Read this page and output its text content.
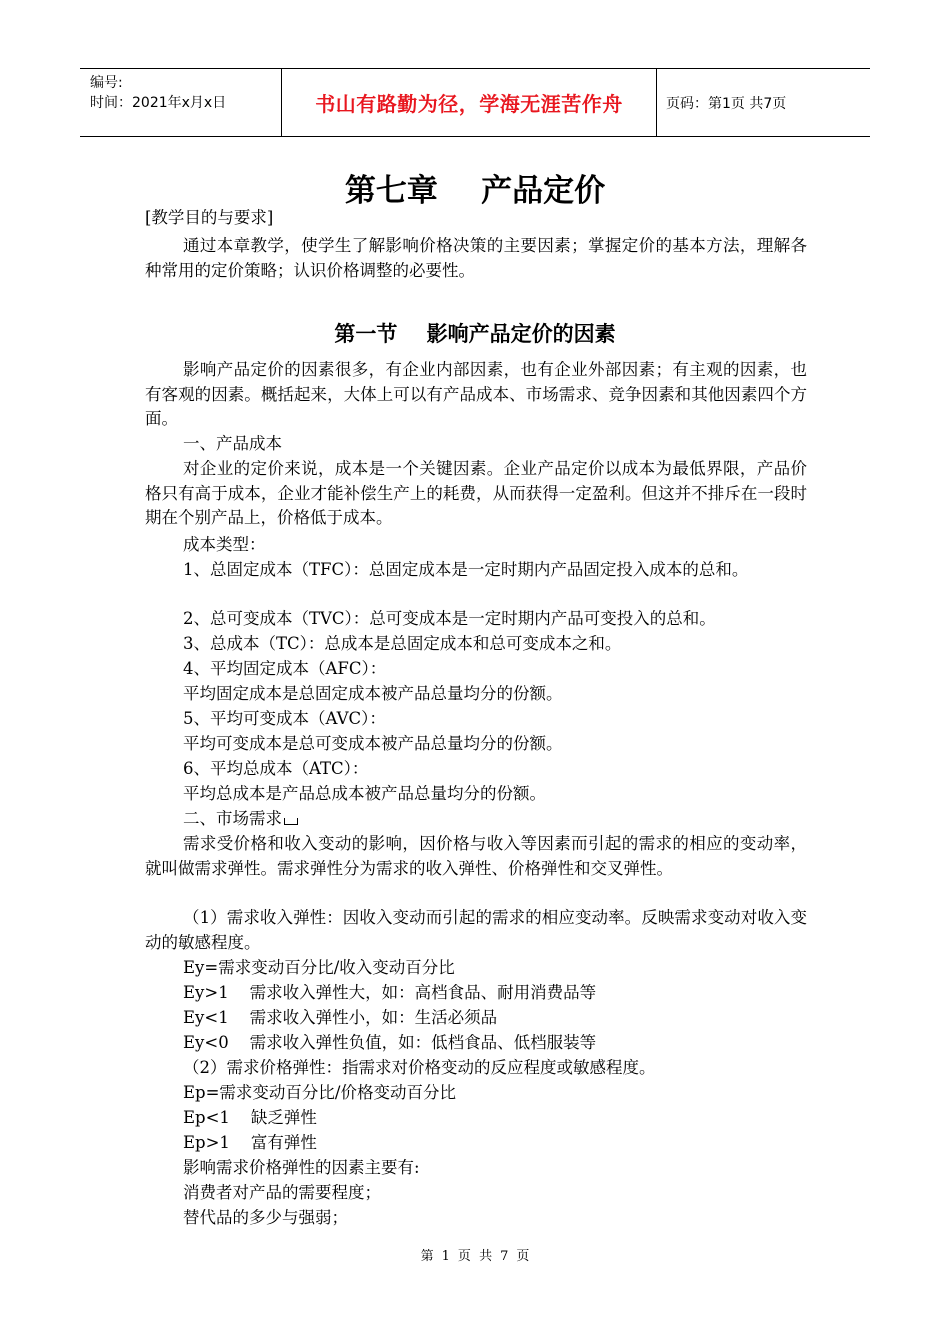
编号:
时间：2021年x月x日	书山有路勤为径，学海无涯苦作舟	页码：第1页 共7页
第七章    产品定价

[教学目的与要求]

通过本章教学，使学生了解影响价格决策的主要因素；掌握定价的基本方法，理解各种常用的定价策略；认识价格调整的必要性。

第一节    影响产品定价的因素

影响产品定价的因素很多，有企业内部因素，也有企业外部因素；有主观的因素，也有客观的因素。概括起来，大体上可以有产品成本、市场需求、竞争因素和其他因素四个方面。

一、产品成本

对企业的定价来说，成本是一个关键因素。企业产品定价以成本为最低界限，产品价格只有高于成本，企业才能补偿生产上的耗费，从而获得一定盈利。但这并不排斥在一段时期在个别产品上，价格低于成本。

成本类型：

1、总固定成本（TFC）：总固定成本是一定时期内产品固定投入成本的总和。

2、总可变成本（TVC）：总可变成本是一定时期内产品可变投入的总和。

3、总成本（TC）：总成本是总固定成本和总可变成本之和。

4、平均固定成本（AFC）：

平均固定成本是总固定成本被产品总量均分的份额。

5、平均可变成本（AVC）：

平均可变成本是总可变成本被产品总量均分的份额。

6、平均总成本（ATC）：

平均总成本是产品总成本被产品总量均分的份额。

二、市场需求

需求受价格和收入变动的影响，因价格与收入等因素而引起的需求的相应的变动率，就叫做需求弹性。需求弹性分为需求的收入弹性、价格弹性和交叉弹性。

（1）需求收入弹性：因收入变动而引起的需求的相应变动率。反映需求变动对收入变动的敏感程度。

Ey=需求变动百分比/收入变动百分比

Ey>1    需求收入弹性大，如：高档食品、耐用消费品等

Ey<1    需求收入弹性小，如：生活必须品

Ey<0    需求收入弹性负值，如：低档食品、低档服装等

（2）需求价格弹性：指需求对价格变动的反应程度或敏感程度。

Ep=需求变动百分比/价格变动百分比

Ep<1    缺乏弹性

Ep>1    富有弹性

影响需求价格弹性的因素主要有:

消费者对产品的需要程度；

替代品的多少与强弱；

第 1 页  共 7 页
